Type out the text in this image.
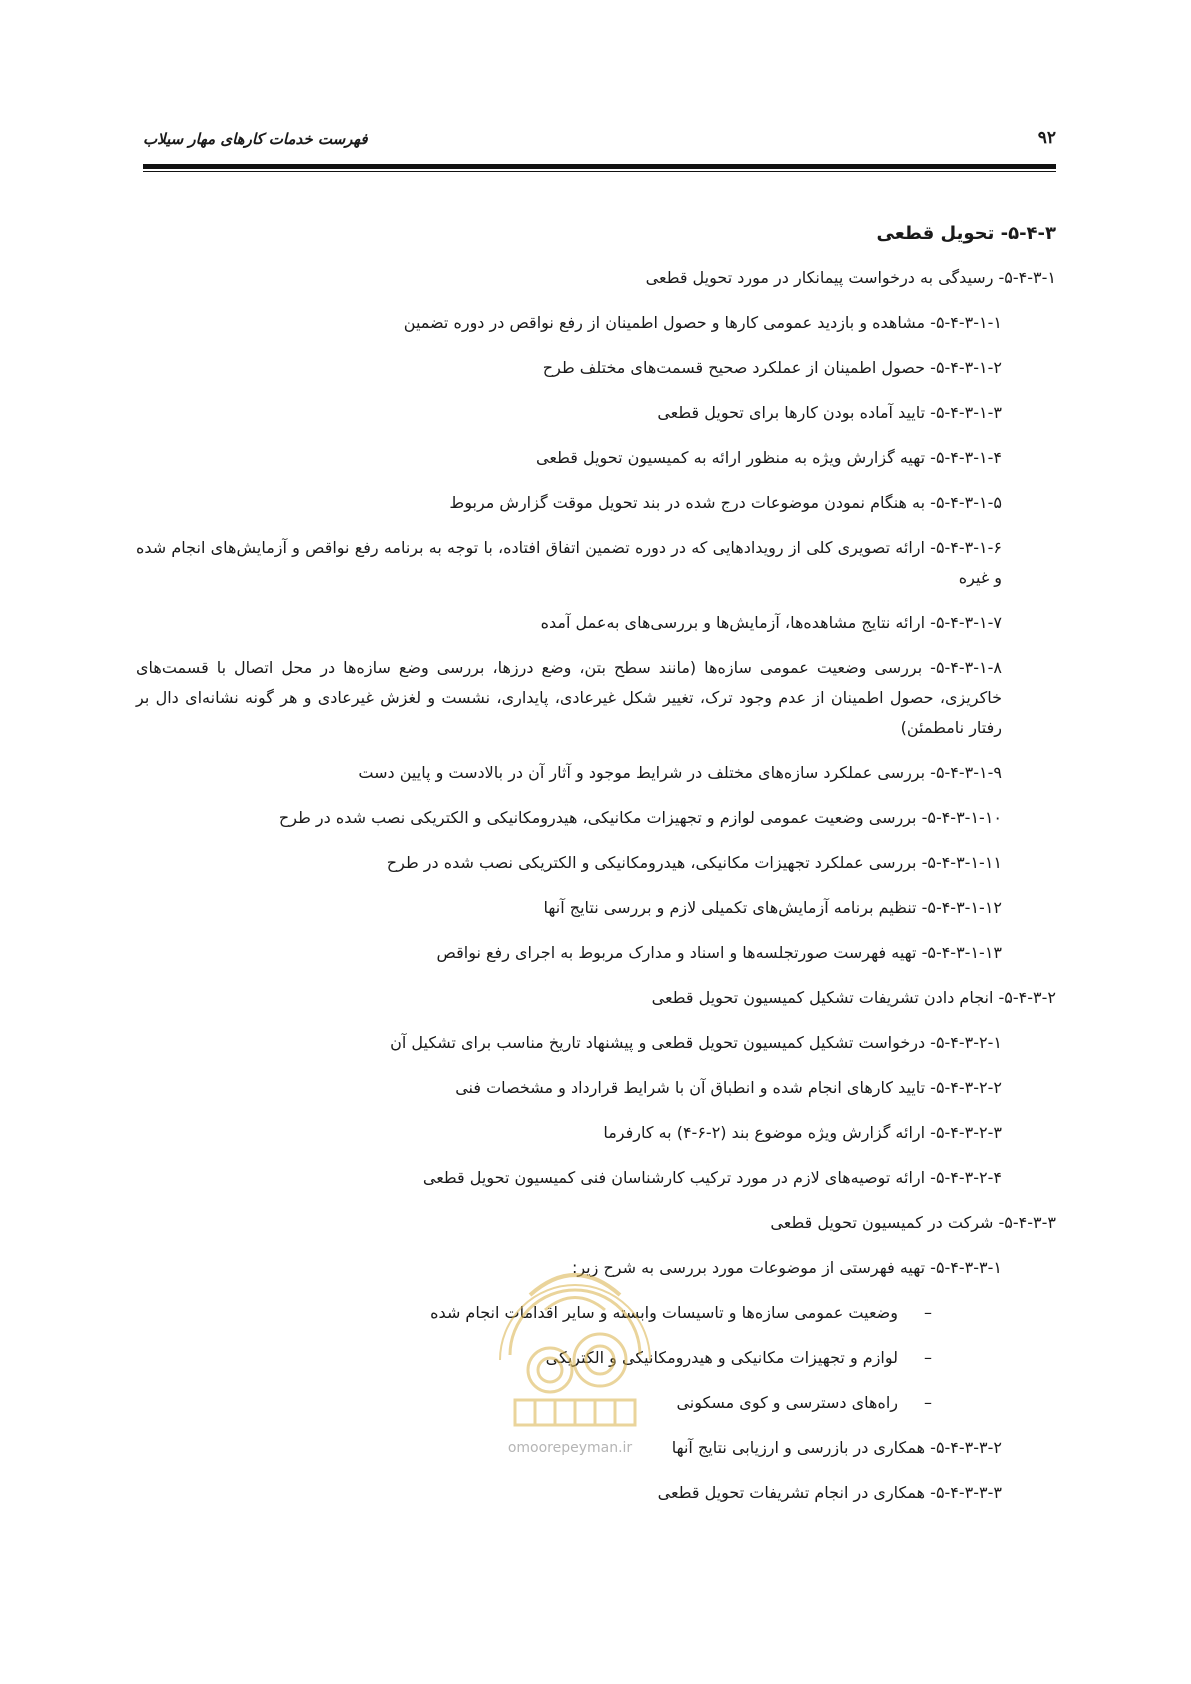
۹۲
فهرست خدمات کارهای مهار سیلاب
۵-۴-۳- تحویل قطعی
۵-۴-۳-۱- رسیدگی به درخواست پیمانکار در مورد تحویل قطعی
۵-۴-۳-۱-۱- مشاهده و بازدید عمومی کارها و حصول اطمینان از رفع نواقص در دوره تضمین
۵-۴-۳-۱-۲- حصول اطمینان از عملکرد صحیح قسمت‌های مختلف طرح
۵-۴-۳-۱-۳- تایید آماده بودن کارها برای تحویل قطعی
۵-۴-۳-۱-۴- تهیه گزارش ویژه به منظور ارائه به کمیسیون تحویل قطعی
۵-۴-۳-۱-۵- به هنگام نمودن موضوعات درج شده در بند تحویل موقت گزارش مربوط
۵-۴-۳-۱-۶- ارائه تصویری کلی از رویدادهایی که در دوره تضمین اتفاق افتاده، با توجه به برنامه رفع نواقص و آزمایش‌های انجام شده و غیره
۵-۴-۳-۱-۷- ارائه نتایج مشاهده‌ها، آزمایش‌ها و بررسی‌های به‌عمل آمده
۵-۴-۳-۱-۸- بررسی وضعیت عمومی سازه‌ها (مانند سطح بتن، وضع درزها، بررسی وضع سازه‌ها در محل اتصال با قسمت‌های خاکریزی، حصول اطمینان از عدم وجود ترک، تغییر شکل غیرعادی، پایداری، نشست و لغزش غیرعادی و هر گونه نشانه‌ای دال بر رفتار نامطمئن)
۵-۴-۳-۱-۹- بررسی عملکرد سازه‌های مختلف در شرایط موجود و آثار آن در بالادست و پایین دست
۵-۴-۳-۱-۱۰- بررسی وضعیت عمومی لوازم و تجهیزات مکانیکی، هیدرومکانیکی و الکتریکی نصب شده در طرح
۵-۴-۳-۱-۱۱- بررسی عملکرد تجهیزات مکانیکی، هیدرومکانیکی و الکتریکی نصب شده در طرح
۵-۴-۳-۱-۱۲- تنظیم برنامه آزمایش‌های تکمیلی لازم و بررسی نتایج آنها
۵-۴-۳-۱-۱۳- تهیه فهرست صورتجلسه‌ها و اسناد و مدارک مربوط به اجرای رفع نواقص
۵-۴-۳-۲- انجام دادن تشریفات تشکیل کمیسیون تحویل قطعی
۵-۴-۳-۲-۱- درخواست تشکیل کمیسیون تحویل قطعی و پیشنهاد تاریخ مناسب برای تشکیل آن
۵-۴-۳-۲-۲- تایید کارهای انجام شده و انطباق آن با شرایط قرارداد و مشخصات فنی
۵-۴-۳-۲-۳- ارائه گزارش ویژه موضوع بند (۲-۶-۴) به کارفرما
۵-۴-۳-۲-۴- ارائه توصیه‌های لازم در مورد ترکیب کارشناسان فنی کمیسیون تحویل قطعی
۵-۴-۳-۳- شرکت در کمیسیون تحویل قطعی
۵-۴-۳-۳-۱- تهیه فهرستی از موضوعات مورد بررسی به شرح زیر:
–وضعیت عمومی سازه‌ها و تاسیسات وابسته و سایر اقدامات انجام شده
–لوازم و تجهیزات مکانیکی و هیدرومکانیکی و الکتریکی
–راه‌های دسترسی و کوی مسکونی
۵-۴-۳-۳-۲- همکاری در بازرسی و ارزیابی نتایج آنها
۵-۴-۳-۳-۳- همکاری در انجام تشریفات تحویل قطعی
omoorepeyman.ir
